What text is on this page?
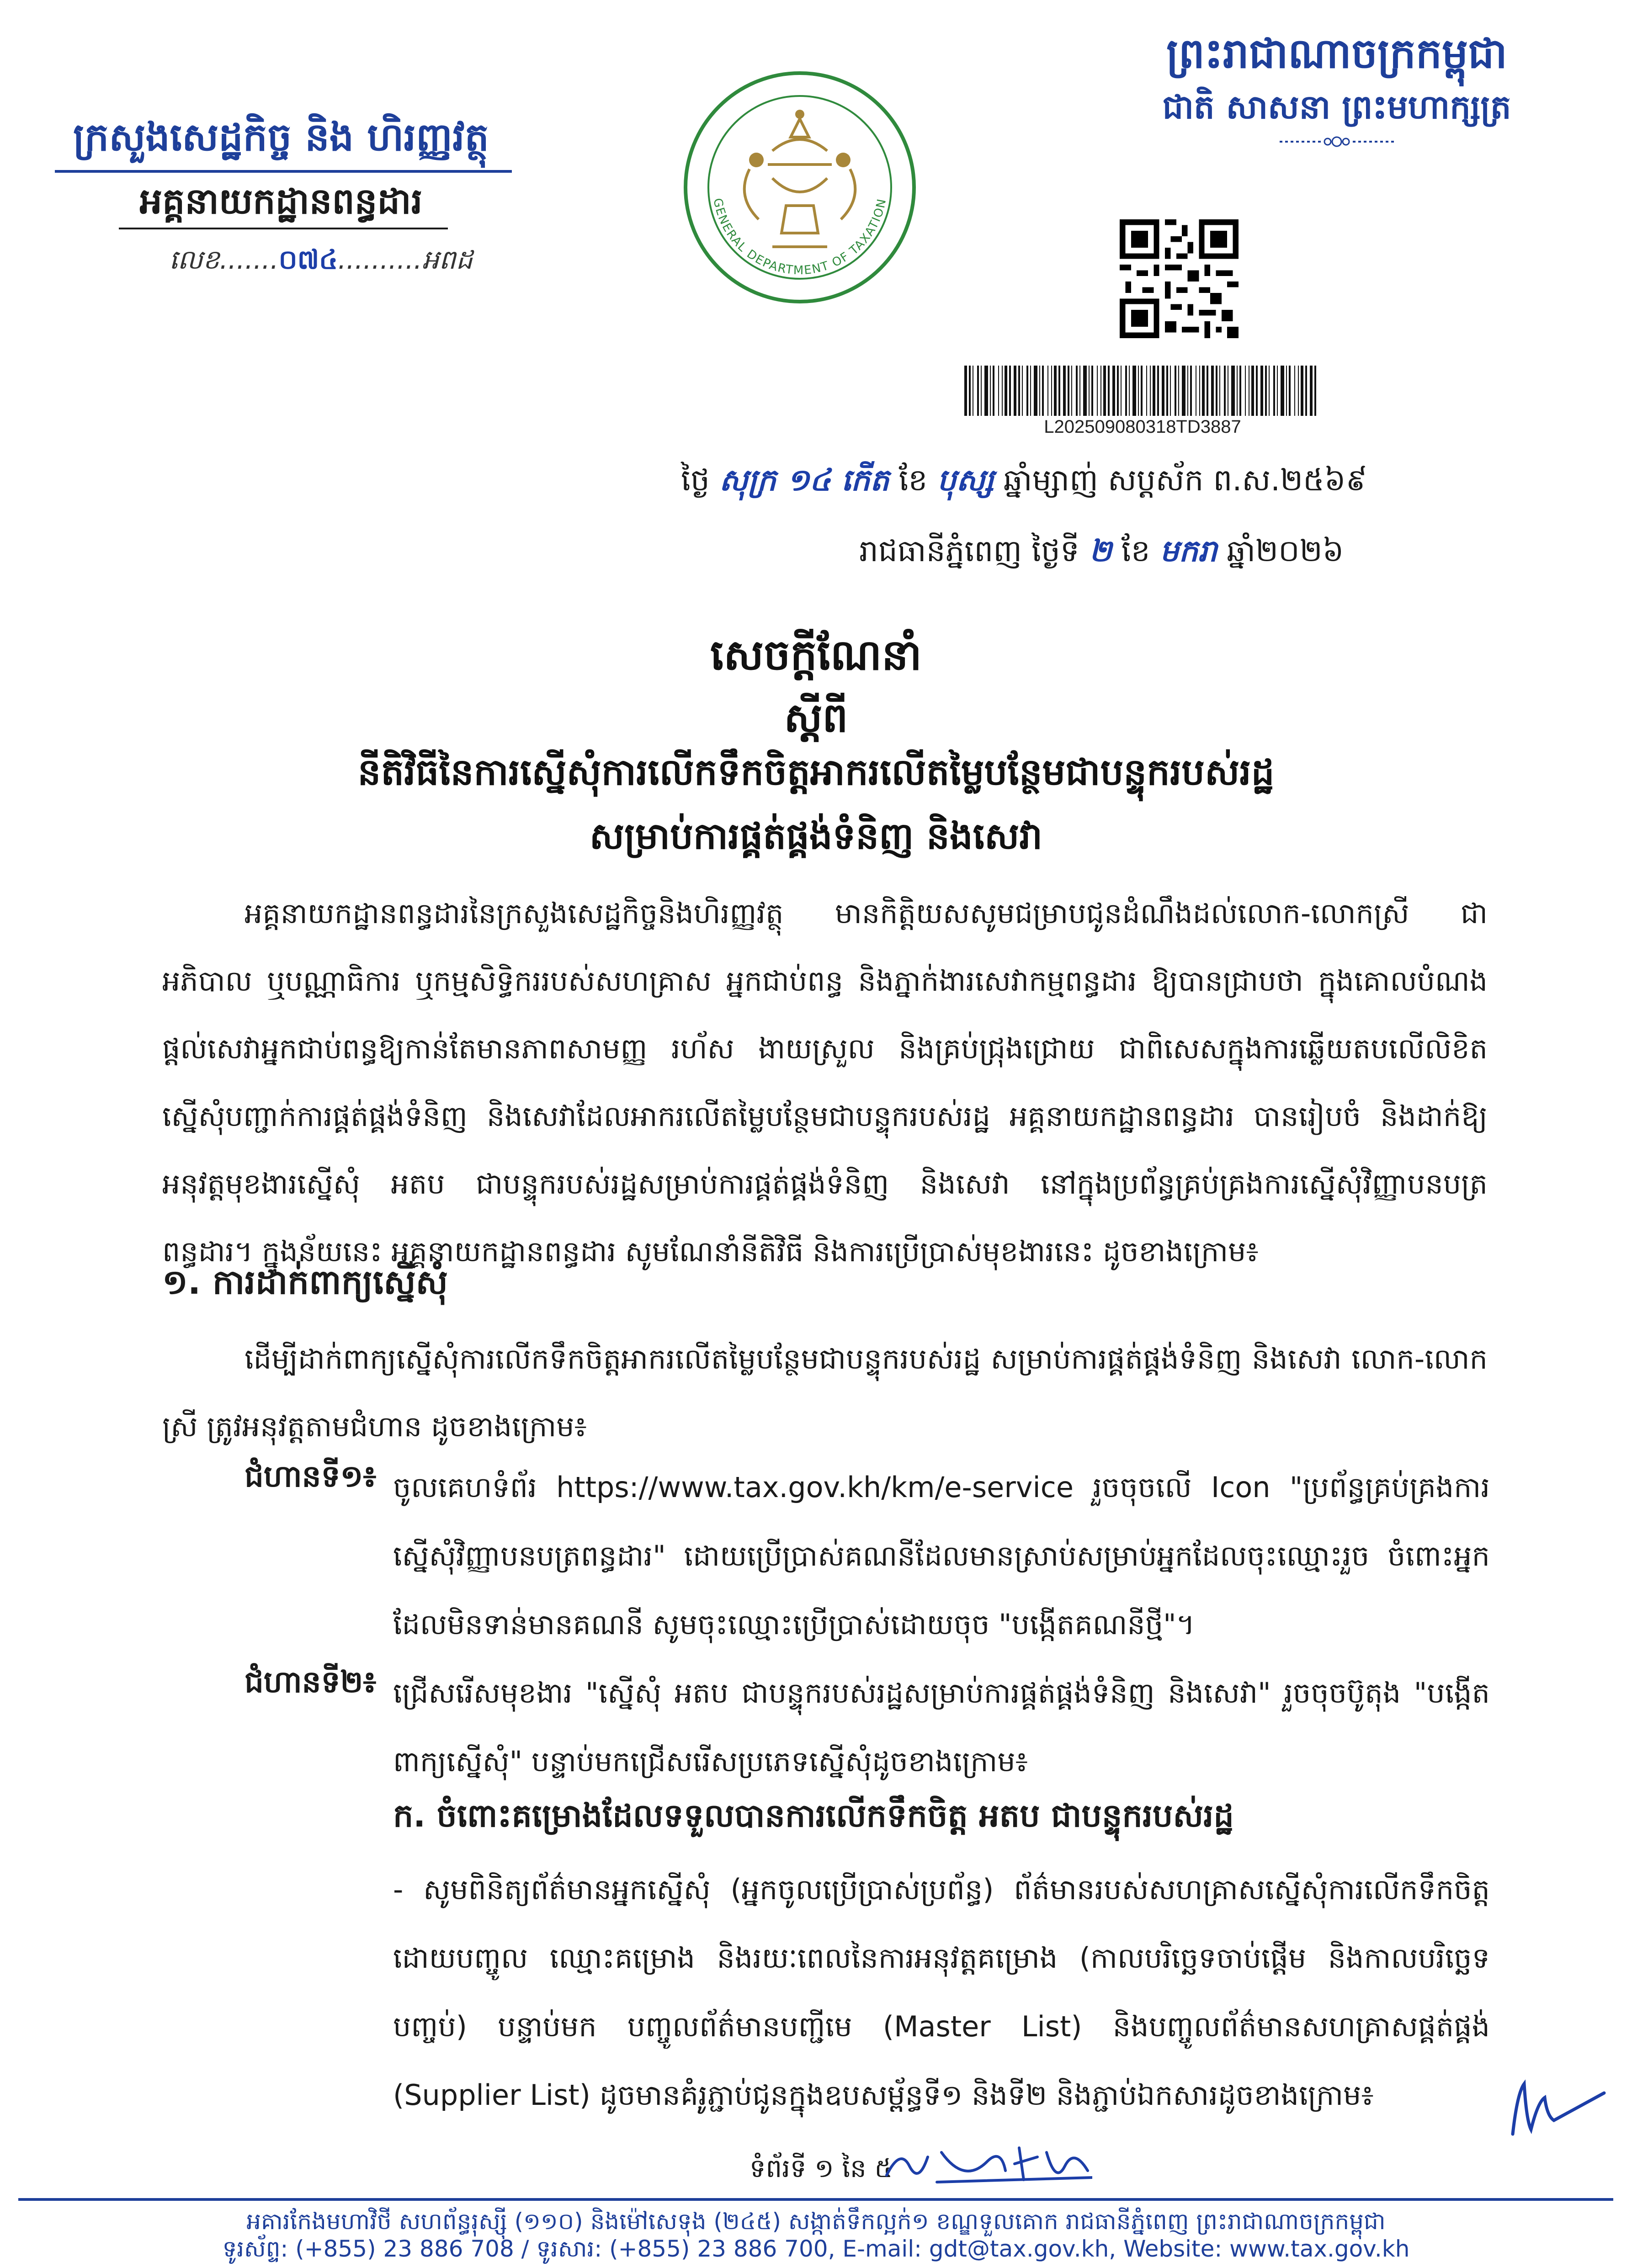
ក្រសួងសេដ្ឋកិច្ច និង ហិរញ្ញវត្ថុ
អគ្គនាយកដ្ឋានពន្ធដារ
លេខ.......០៧៤..........អពដ
GENERAL DEPARTMENT OF TAXATION
ព្រះរាជាណាចក្រកម្ពុជា
ជាតិ សាសនា ព្រះមហាក្សត្រ
L202509080318TD3887
ថ្ងៃ សុក្រ ១៤ កើត ខែ បុស្ស ឆ្នាំម្សាញ់ សប្តស័ក ព.ស.២៥៦៩
រាជធានីភ្នំពេញ ថ្ងៃទី ២ ខែ មករា ឆ្នាំ២០២៦
សេចក្តីណែនាំ
ស្តីពី
នីតិវិធីនៃការស្នើសុំការលើកទឹកចិត្តអាករលើតម្លៃបន្ថែមជាបន្ទុករបស់រដ្ឋ
សម្រាប់ការផ្គត់ផ្គង់ទំនិញ និងសេវា
អគ្គនាយកដ្ឋានពន្ធដារនៃក្រសួងសេដ្ឋកិច្ចនិងហិរញ្ញវត្ថុ មានកិត្តិយសសូមជម្រាបជូនដំណឹងដល់លោក-លោកស្រី ជាអភិបាល ឬបណ្ណាធិការ ឬកម្មសិទ្ធិកររបស់សហគ្រាស អ្នកជាប់ពន្ធ និងភ្នាក់ងារសេវាកម្មពន្ធដារ ឱ្យបានជ្រាបថា ក្នុងគោលបំណងផ្តល់សេវាអ្នកជាប់ពន្ធឱ្យកាន់តែមានភាពសាមញ្ញ រហ័ស ងាយស្រួល និងគ្រប់ជ្រុងជ្រោយ ជាពិសេសក្នុងការឆ្លើយតបលើលិខិតស្នើសុំបញ្ជាក់ការផ្គត់ផ្គង់ទំនិញ និងសេវាដែលអាករលើតម្លៃបន្ថែមជាបន្ទុករបស់រដ្ឋ អគ្គនាយកដ្ឋានពន្ធដារ បានរៀបចំ និងដាក់ឱ្យអនុវត្តមុខងារស្នើសុំ អតប ជាបន្ទុករបស់រដ្ឋសម្រាប់ការផ្គត់ផ្គង់ទំនិញ និងសេវា នៅក្នុងប្រព័ន្ធគ្រប់គ្រងការស្នើសុំវិញ្ញាបនបត្រពន្ធដារ។ ក្នុងន័យនេះ អគ្គនាយកដ្ឋានពន្ធដារ សូមណែនាំនីតិវិធី និងការប្រើប្រាស់មុខងារនេះ ដូចខាងក្រោម៖
១. ការដាក់ពាក្យស្នើសុំ
ដើម្បីដាក់ពាក្យស្នើសុំការលើកទឹកចិត្តអាករលើតម្លៃបន្ថែមជាបន្ទុករបស់រដ្ឋ សម្រាប់ការផ្គត់ផ្គង់ទំនិញ និងសេវា លោក-លោកស្រី ត្រូវអនុវត្តតាមជំហាន ដូចខាងក្រោម៖
ជំហានទី១៖ ចូលគេហទំព័រ https://www.tax.gov.kh/km/e-service រួចចុចលើ Icon "ប្រព័ន្ធគ្រប់គ្រងការស្នើសុំវិញ្ញាបនបត្រពន្ធដារ" ដោយប្រើប្រាស់គណនីដែលមានស្រាប់សម្រាប់អ្នកដែលចុះឈ្មោះរួច ចំពោះអ្នកដែលមិនទាន់មានគណនី សូមចុះឈ្មោះប្រើប្រាស់ដោយចុច "បង្កើតគណនីថ្មី"។
ជំហានទី២៖ ជ្រើសរើសមុខងារ "ស្នើសុំ អតប ជាបន្ទុករបស់រដ្ឋសម្រាប់ការផ្គត់ផ្គង់ទំនិញ និងសេវា" រួចចុចប៊ូតុង "បង្កើតពាក្យស្នើសុំ" បន្ទាប់មកជ្រើសរើសប្រភេទស្នើសុំដូចខាងក្រោម៖
ក. ចំពោះគម្រោងដែលទទួលបានការលើកទឹកចិត្ត អតប ជាបន្ទុករបស់រដ្ឋ
- សូមពិនិត្យព័ត៌មានអ្នកស្នើសុំ (អ្នកចូលប្រើប្រាស់ប្រព័ន្ធ) ព័ត៌មានរបស់សហគ្រាសស្នើសុំការលើកទឹកចិត្ត ដោយបញ្ចូល ឈ្មោះគម្រោង និងរយៈពេលនៃការអនុវត្តគម្រោង (កាលបរិច្ឆេទចាប់ផ្តើម និងកាលបរិច្ឆេទបញ្ចប់) បន្ទាប់មក បញ្ចូលព័ត៌មានបញ្ជីមេ (Master List) និងបញ្ចូលព័ត៌មានសហគ្រាសផ្គត់ផ្គង់ (Supplier List) ដូចមានគំរូភ្ជាប់ជូនក្នុងឧបសម្ព័ន្ធទី១ និងទី២ និងភ្ជាប់ឯកសារដូចខាងក្រោម៖
ទំព័រទី ១ នៃ ៥
អគារកែងមហាវិថី សហព័ន្ធរុស្ស៊ី (១១០) និងម៉ៅសេទុង (២៤៥) សង្កាត់ទឹកល្អក់១ ខណ្ឌទួលគោក រាជធានីភ្នំពេញ ព្រះរាជាណាចក្រកម្ពុជា
ទូរស័ព្ទ: (+855) 23 886 708 / ទូរសារ: (+855) 23 886 700, E-mail: gdt@tax.gov.kh, Website: www.tax.gov.kh
